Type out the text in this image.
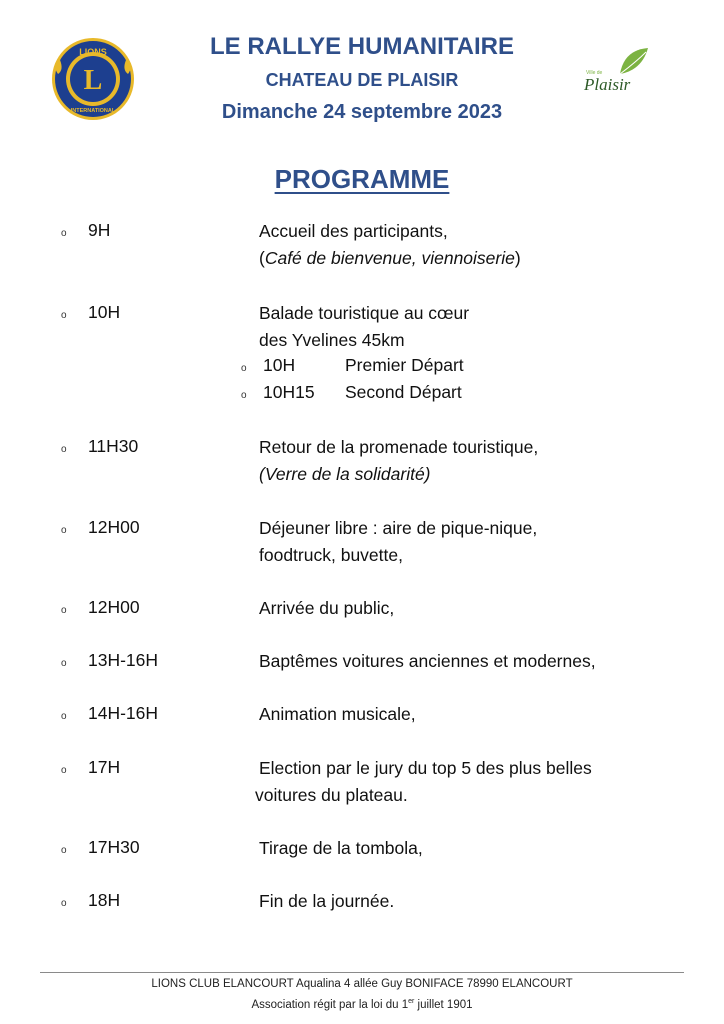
LIONS
L
INTERNATIONAL
Ville de
Plaisir
LE RALLYE HUMANITAIRE
CHATEAU DE PLAISIR
Dimanche 24 septembre 2023
PROGRAMME
o 9H	Accueil des participants,
(Café de bienvenue, viennoiserie)
o 10H	Balade touristique au cœur
des Yvelines 45km
o 10H	Premier Départ
o 10H15 Second Départ
o 11H30	Retour de la promenade touristique,
(Verre de la solidarité)
o 12H00	Déjeuner libre : aire de pique-nique,
foodtruck, buvette,
o 12H00	Arrivée du public,
o 13H-16H	Baptêmes voitures anciennes et modernes,
o 14H-16H	Animation musicale,
o 17H	Election par le jury du top 5 des plus belles
voitures du plateau.
o 17H30	Tirage de la tombola,
o 18H	Fin de la journée.
LIONS CLUB ELANCOURT Aqualina 4 allée Guy BONIFACE 78990 ELANCOURT
Association régit par la loi du 1er juillet 1901
